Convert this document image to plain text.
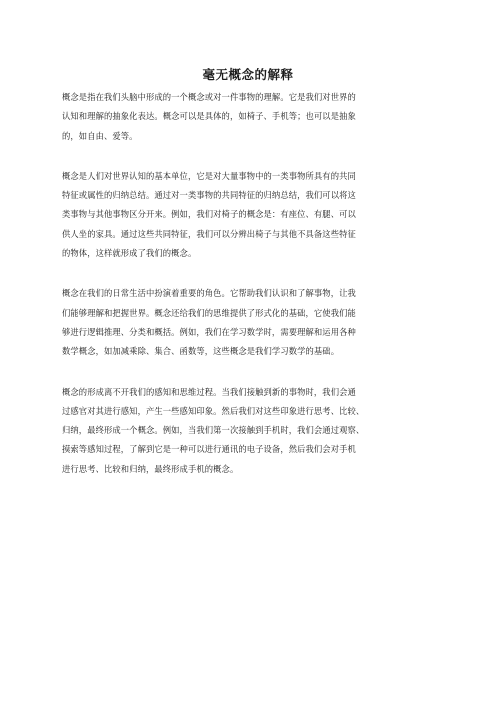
毫无概念的解释
概念是指在我们头脑中形成的一个概念或对一件事物的理解。它是我们对世界的
认知和理解的抽象化表达。概念可以是具体的，如椅子、手机等；也可以是抽象
的，如自由、爱等。
概念是人们对世界认知的基本单位，它是对大量事物中的一类事物所具有的共同
特征或属性的归纳总结。通过对一类事物的共同特征的归纳总结，我们可以将这
类事物与其他事物区分开来。例如，我们对椅子的概念是：有座位、有腿、可以
供人坐的家具。通过这些共同特征，我们可以分辨出椅子与其他不具备这些特征
的物体，这样就形成了我们的概念。
概念在我们的日常生活中扮演着重要的角色。它帮助我们认识和了解事物，让我
们能够理解和把握世界。概念还给我们的思维提供了形式化的基础，它使我们能
够进行逻辑推理、分类和概括。例如，我们在学习数学时，需要理解和运用各种
数学概念，如加减乘除、集合、函数等，这些概念是我们学习数学的基础。
概念的形成离不开我们的感知和思维过程。当我们接触到新的事物时，我们会通
过感官对其进行感知，产生一些感知印象。然后我们对这些印象进行思考、比较、
归纳，最终形成一个概念。例如，当我们第一次接触到手机时，我们会通过观察、
摸索等感知过程，了解到它是一种可以进行通讯的电子设备，然后我们会对手机
进行思考、比较和归纳，最终形成手机的概念。
